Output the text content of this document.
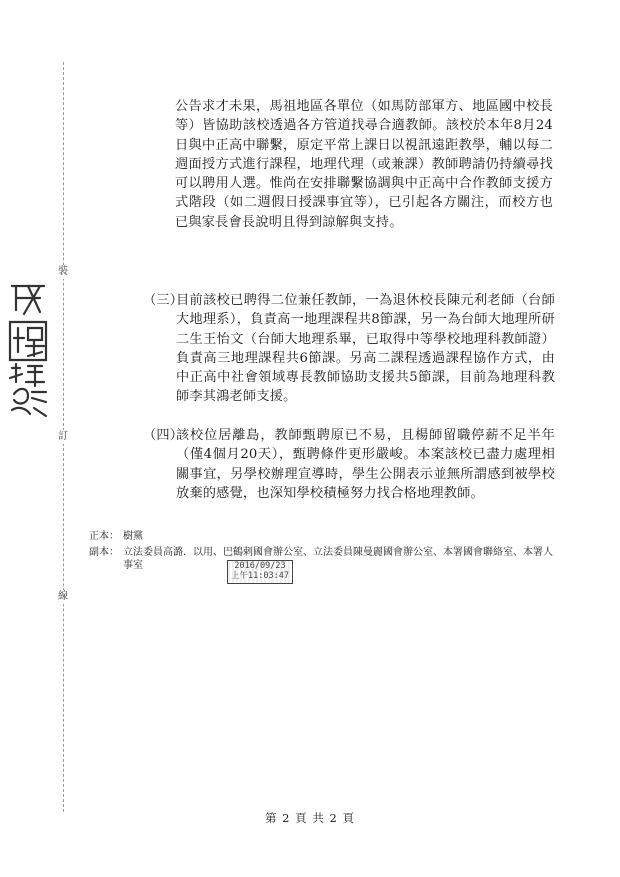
裝
訂
線
公告求才未果，馬祖地區各單位（如馬防部軍方、地區國中校長等）皆協助該校透過各方管道找尋合適教師。該校於本年8月24日與中正高中聯繫，原定平常上課日以視訊遠距教學，輔以每二週面授方式進行課程，地理代理（或兼課）教師聘請仍持續尋找可以聘用人選。惟尚在安排聯繫協調與中正高中合作教師支援方式階段（如二週假日授課事宜等），已引起各方關注，而校方也已與家長會長說明且得到諒解與支持。
（三）
目前該校已聘得二位兼任教師，一為退休校長陳元利老師（台師大地理系），負責高一地理課程共8節課，另一為台師大地理所研二生王怡文（台師大地理系畢，已取得中等學校地理科教師證）負責高三地理課程共6節課。另高二課程透過課程協作方式，由中正高中社會領域專長教師協助支援共5節課，目前為地理科教師李其鴻老師支援。
（四）
該校位居離島，教師甄聘原已不易，且楊師留職停薪不足半年（僅4個月20天），甄聘條件更形嚴峻。本案該校已盡力處理相關事宜，另學校辦理宣導時，學生公開表示並無所謂感到被學校放棄的感覺，也深知學校積極努力找合格地理教師。
正本： 樹黨
副本： 立法委員高潞．以用、巴鶴剌國會辦公室、立法委員陳曼麗國會辦公室、本署國會聯絡室、本署人事室	2016/09/23
上午11:03:47
第 2 頁 共 2 頁
